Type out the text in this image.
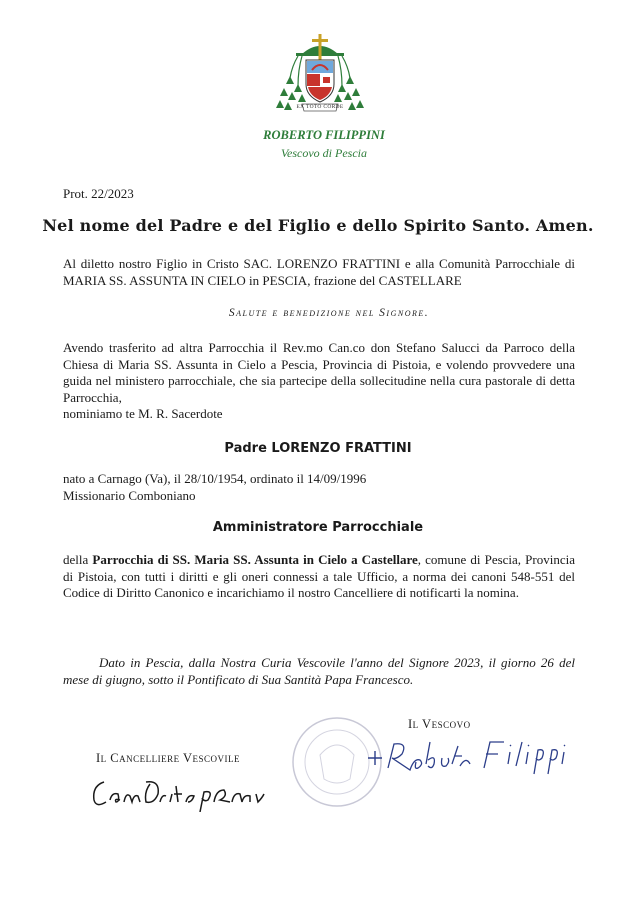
EX TOTO CORDE
ROBERTO FILIPPINI
Vescovo di Pescia
Prot. 22/2023
Nel nome del Padre e del Figlio e dello Spirito Santo. Amen.
Al diletto nostro Figlio in Cristo SAC. LORENZO FRATTINI e alla Comunità Parrocchiale di MARIA SS. ASSUNTA IN CIELO in PESCIA, frazione del CASTELLARE
Salute e benedizione nel Signore.
Avendo trasferito ad altra Parrocchia il Rev.mo Can.co don Stefano Salucci da Parroco della Chiesa di Maria SS. Assunta in Cielo a Pescia, Provincia di Pistoia, e volendo provvedere una guida nel ministero parrocchiale, che sia partecipe della sollecitudine nella cura pastorale di detta Parrocchia,
nominiamo te M. R. Sacerdote
Padre LORENZO FRATTINI
nato a Carnago (Va), il 28/10/1954, ordinato il 14/09/1996
Missionario Comboniano
Amministratore Parrocchiale
della Parrocchia di SS. Maria SS. Assunta in Cielo a Castellare, comune di Pescia, Provincia di Pistoia, con tutti i diritti e gli oneri connessi a tale Ufficio, a norma dei canoni 548-551 del Codice di Diritto Canonico e incarichiamo il nostro Cancelliere di notificarti la nomina.
Dato in Pescia, dalla Nostra Curia Vescovile l'anno del Signore 2023, il giorno 26 del mese di giugno, sotto il Pontificato di Sua Santità Papa Francesco.
Il Vescovo
Il Cancelliere Vescovile
